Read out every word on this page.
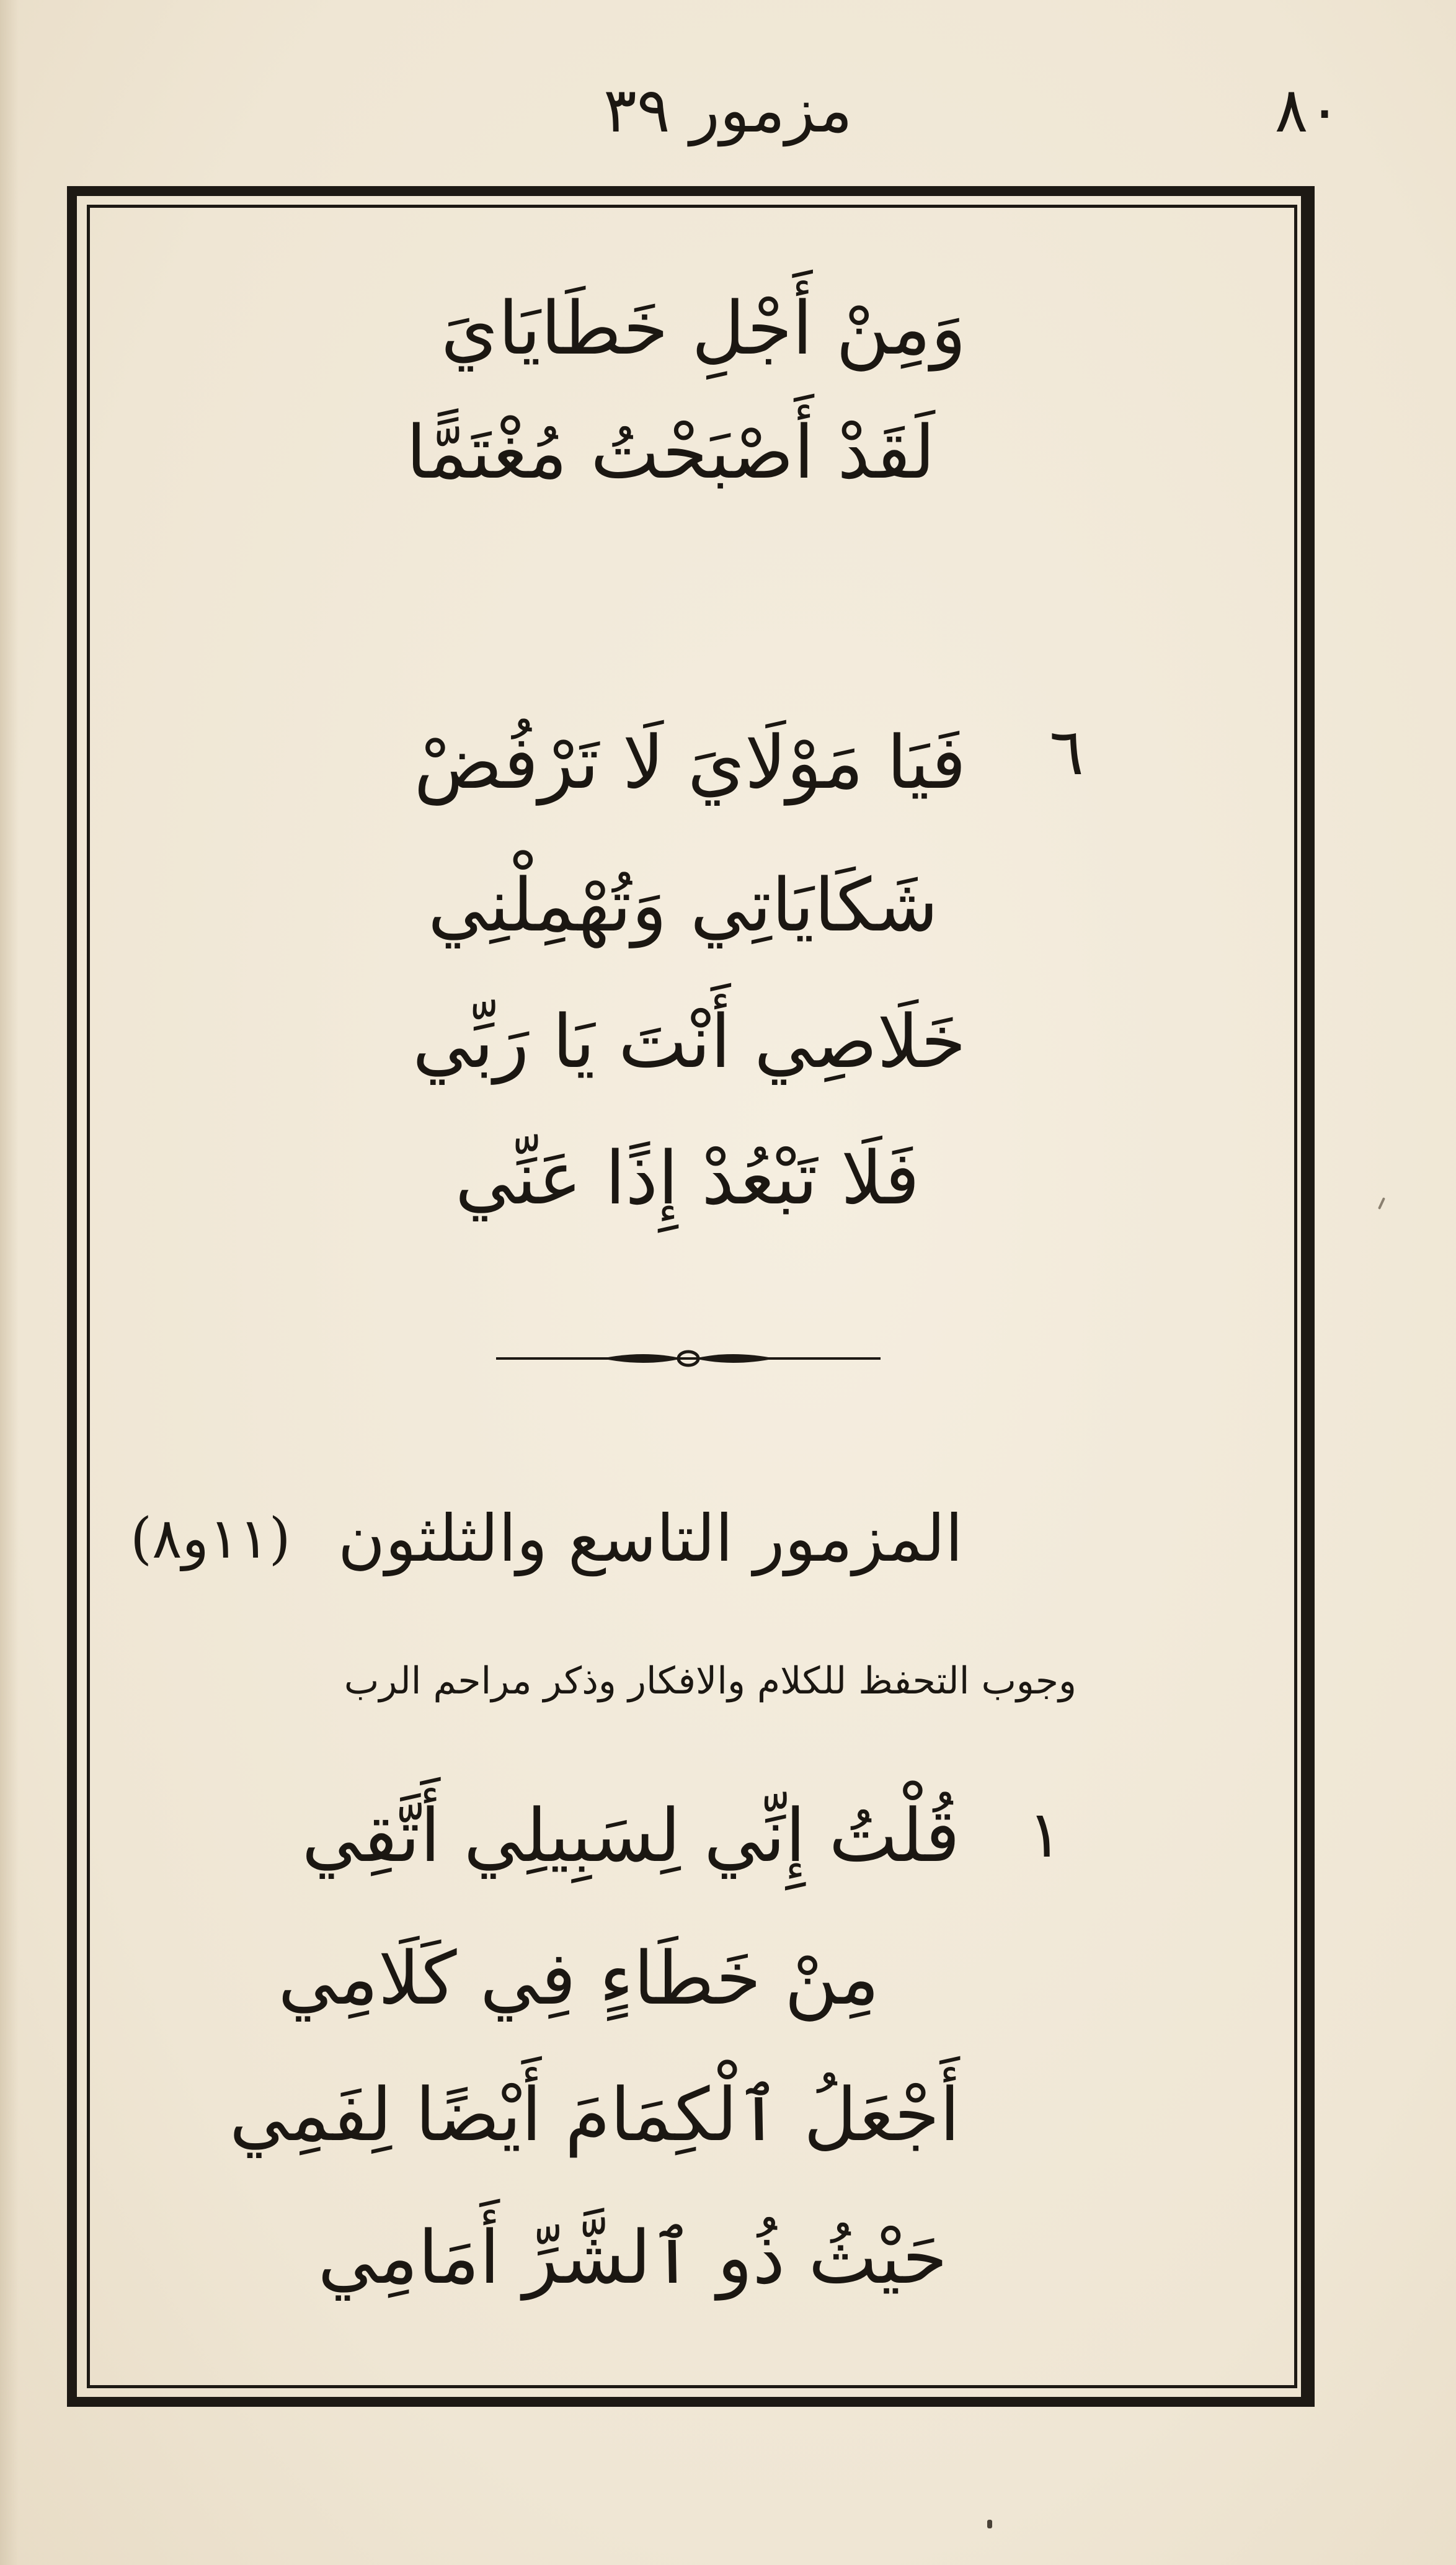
٨٠
مزمور ٣٩
وَمِنْ أَجْلِ خَطَايَايَ
لَقَدْ أَصْبَحْتُ مُغْتَمًّا
٦
فَيَا مَوْلَايَ لَا تَرْفُضْ
شَكَايَاتِي وَتُهْمِلْنِي
خَلَاصِي أَنْتَ يَا رَبِّي
فَلَا تَبْعُدْ إِذًا عَنِّي
المزمور التاسع والثلثون
(١١و٨)
وجوب التحفظ للكلام والافكار وذكر مراحم الرب
١
قُلْتُ إِنِّي لِسَبِيلِي أَتَّقِي
مِنْ خَطَاءٍ فِي كَلَامِي
أَجْعَلُ ٱلْكِمَامَ أَيْضًا لِفَمِي
حَيْثُ ذُو ٱلشَّرِّ أَمَامِي
